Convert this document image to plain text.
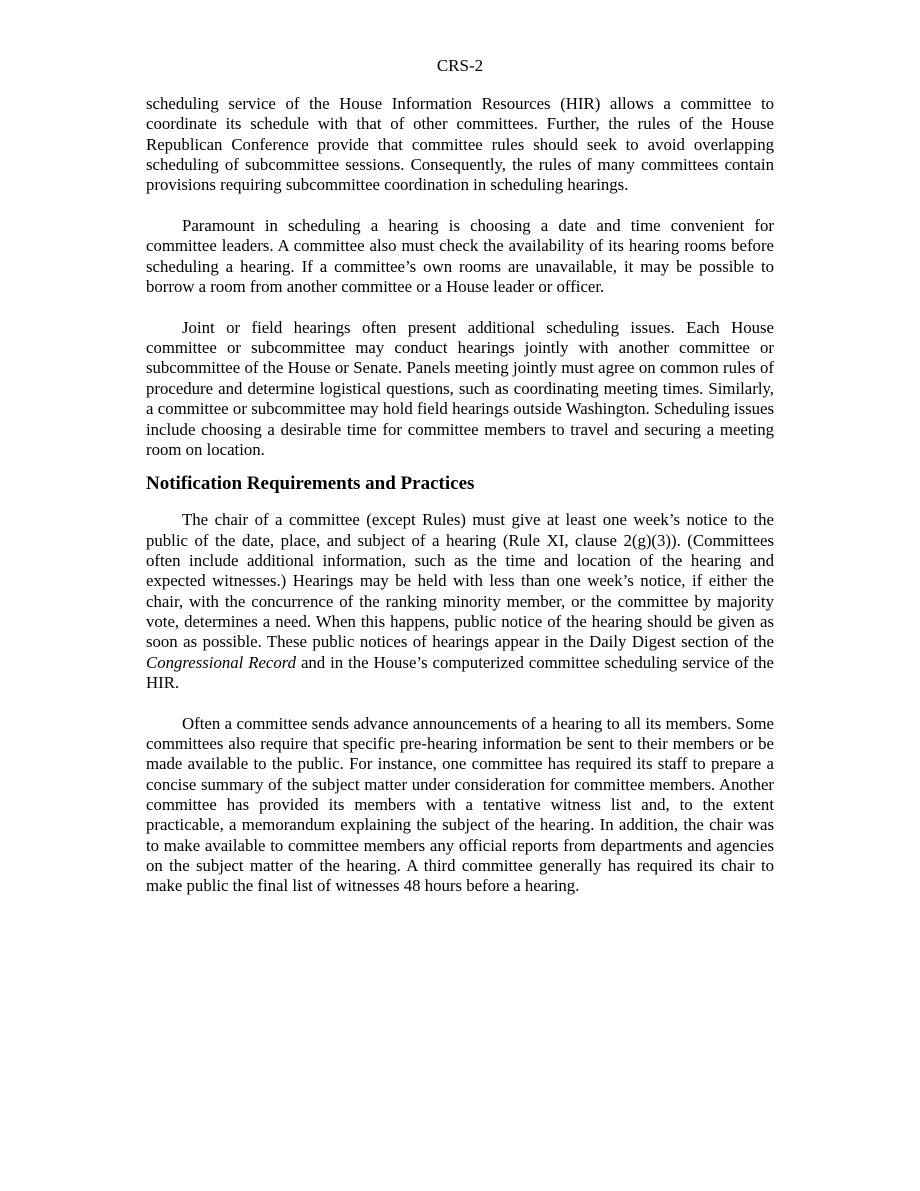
CRS-2

scheduling service of the House Information Resources (HIR) allows a committee to coordinate its schedule with that of other committees. Further, the rules of the House Republican Conference provide that committee rules should seek to avoid overlapping scheduling of subcommittee sessions. Consequently, the rules of many committees contain provisions requiring subcommittee coordination in scheduling hearings.

Paramount in scheduling a hearing is choosing a date and time convenient for committee leaders. A committee also must check the availability of its hearing rooms before scheduling a hearing. If a committee’s own rooms are unavailable, it may be possible to borrow a room from another committee or a House leader or officer.

Joint or field hearings often present additional scheduling issues. Each House committee or subcommittee may conduct hearings jointly with another committee or subcommittee of the House or Senate. Panels meeting jointly must agree on common rules of procedure and determine logistical questions, such as coordinating meeting times. Similarly, a committee or subcommittee may hold field hearings outside Washington. Scheduling issues include choosing a desirable time for committee members to travel and securing a meeting room on location.

Notification Requirements and Practices

The chair of a committee (except Rules) must give at least one week’s notice to the public of the date, place, and subject of a hearing (Rule XI, clause 2(g)(3)). (Committees often include additional information, such as the time and location of the hearing and expected witnesses.) Hearings may be held with less than one week’s notice, if either the chair, with the concurrence of the ranking minority member, or the committee by majority vote, determines a need. When this happens, public notice of the hearing should be given as soon as possible. These public notices of hearings appear in the Daily Digest section of the Congressional Record and in the House’s computerized committee scheduling service of the HIR.

Often a committee sends advance announcements of a hearing to all its members. Some committees also require that specific pre-hearing information be sent to their members or be made available to the public. For instance, one committee has required its staff to prepare a concise summary of the subject matter under consideration for committee members. Another committee has provided its members with a tentative witness list and, to the extent practicable, a memorandum explaining the subject of the hearing. In addition, the chair was to make available to committee members any official reports from departments and agencies on the subject matter of the hearing. A third committee generally has required its chair to make public the final list of witnesses 48 hours before a hearing.
